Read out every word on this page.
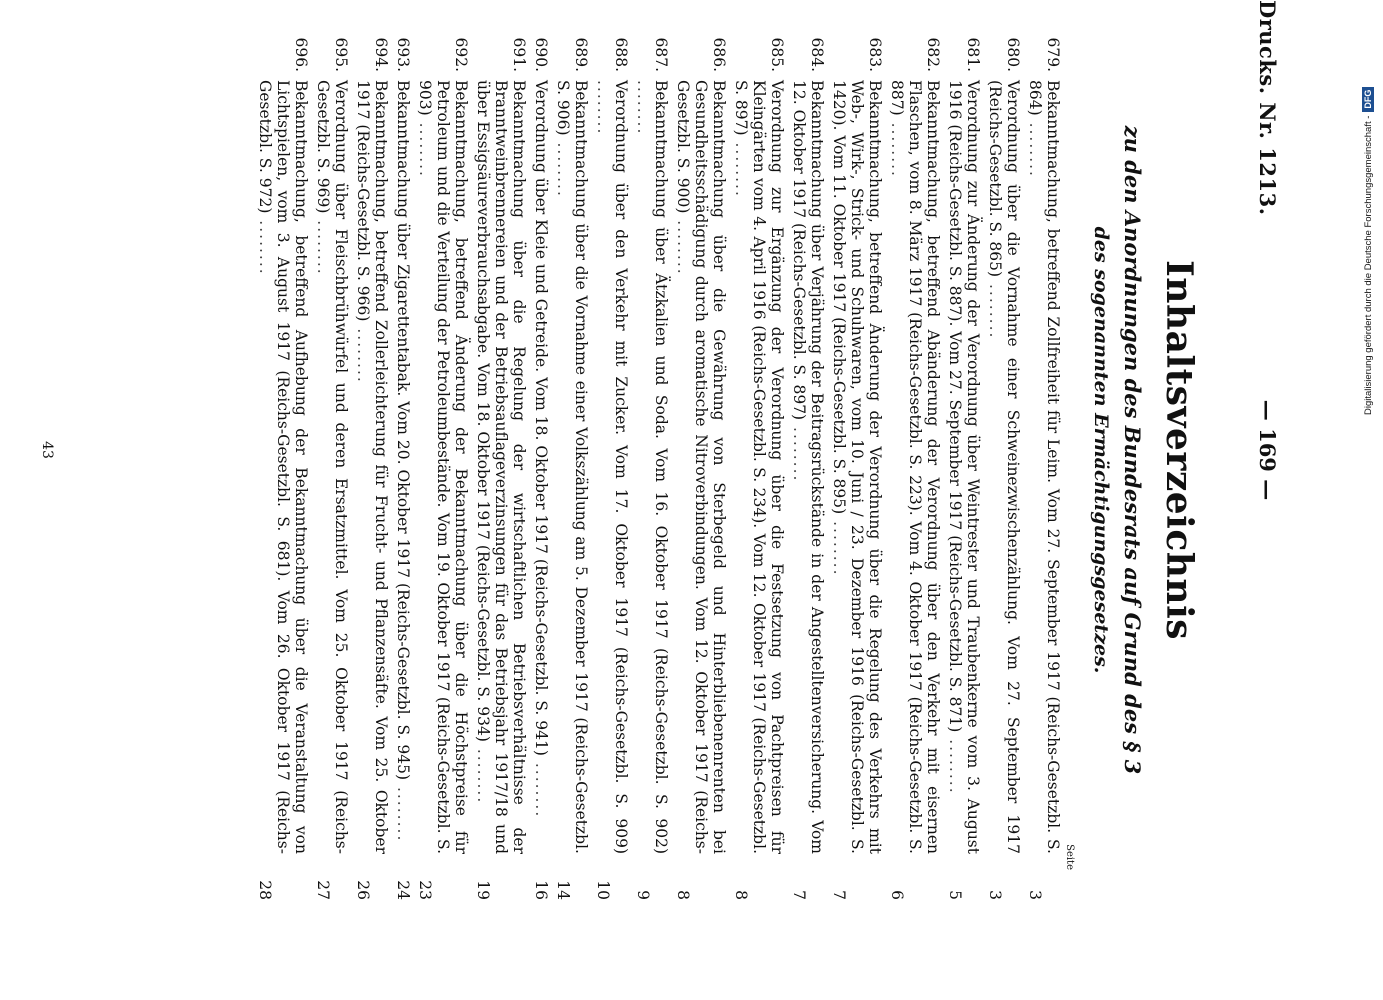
— 169 —
Drucks. Nr. 1213.
Inhaltsverzeichnis
zu den Anordnungen des Bundesrats auf Grund des § 3
des sogenannten Ermächtigungsgesetzes.
Seite
679.
Bekanntmachung, betreffend Zollfreiheit für Leim. Vom 27. September 1917 (Reichs-Gesetzbl. S. 864) ........
3
680.
Verordnung über die Vornahme einer Schweinezwischenzählung. Vom 27. September 1917 (Reichs-Gesetzbl. S. 865) ........
3
681.
Verordnung zur Änderung der Verordnung über Weintrester und Traubenkerne vom 3. August 1916 (Reichs-Gesetzbl. S. 887). Vom 27. September 1917 (Reichs-Gesetzbl. S. 871) ........
5
682.
Bekanntmachung, betreffend Abänderung der Verordnung über den Verkehr mit eisernen Flaschen, vom 8. März 1917 (Reichs-Gesetzbl. S. 223). Vom 4. Oktober 1917 (Reichs-Gesetzbl. S. 887) ........
6
683.
Bekanntmachung, betreffend Änderung der Verordnung über die Regelung des Verkehrs mit Web-, Wirk-, Strick- und Schuhwaren, vom 10. Juni / 23. Dezember 1916 (Reichs-Gesetzbl. S. 1420). Vom 11. Oktober 1917 (Reichs-Gesetzbl. S. 895) ........
7
684.
Bekanntmachung über Verjährung der Beitragsrückstände in der Angestelltenversicherung. Vom 12. Oktober 1917 (Reichs-Gesetzbl. S. 897) ........
7
685.
Verordnung zur Ergänzung der Verordnung über die Festsetzung von Pachtpreisen für Kleingärten vom 4. April 1916 (Reichs-Gesetzbl. S. 234). Vom 12. Oktober 1917 (Reichs-Gesetzbl. S. 897) ........
8
686.
Bekanntmachung über die Gewährung von Sterbegeld und Hinterbliebenenrenten bei Gesundheitsschädigung durch aromatische Nitroverbindungen. Vom 12. Oktober 1917 (Reichs-Gesetzbl. S. 900) ........
8
687.
Bekanntmachung über Ätzkalien und Soda. Vom 16. Oktober 1917 (Reichs-Gesetzbl. S. 902) ........
9
688.
Verordnung über den Verkehr mit Zucker. Vom 17. Oktober 1917 (Reichs-Gesetzbl. S. 909) ........
10
689.
Bekanntmachung über die Vornahme einer Volkszählung am 5. Dezember 1917 (Reichs-Gesetzbl. S. 906) ........
14
690.
Verordnung über Kleie und Getreide. Vom 18. Oktober 1917 (Reichs-Gesetzbl. S. 941) ........
16
691.
Bekanntmachung über die Regelung der wirtschaftlichen Betriebsverhältnisse der Branntweinbrennereien und der Betriebsauflageverzinsungen für das Betriebsjahr 1917/18 und über Essigsäureverbrauchsabgabe. Vom 18. Oktober 1917 (Reichs-Gesetzbl. S. 934) ........
19
692.
Bekanntmachung, betreffend Änderung der Bekanntmachung über die Höchstpreise für Petroleum und die Verteilung der Petroleumbestände. Vom 19. Oktober 1917 (Reichs-Gesetzbl. S. 903) ........
23
693.
Bekanntmachung über Zigarettentabak. Vom 20. Oktober 1917 (Reichs-Gesetzbl. S. 945) ........
24
694.
Bekanntmachung, betreffend Zollerleichterung für Frucht- und Pflanzensäfte. Vom 25. Oktober 1917 (Reichs-Gesetzbl. S. 966) ........
26
695.
Verordnung über Fleischbrühwürfel und deren Ersatzmittel. Vom 25. Oktober 1917 (Reichs-Gesetzbl. S. 969) ........
27
696.
Bekanntmachung, betreffend Aufhebung der Bekanntmachung über die Veranstaltung von Lichtspielen, vom 3. August 1917 (Reichs-Gesetzbl. S. 681). Vom 26. Oktober 1917 (Reichs-Gesetzbl. S. 972) ........
28
43
Digitalisierung gefördert durch die Deutsche Forschungsgemeinschaft -
DFG
